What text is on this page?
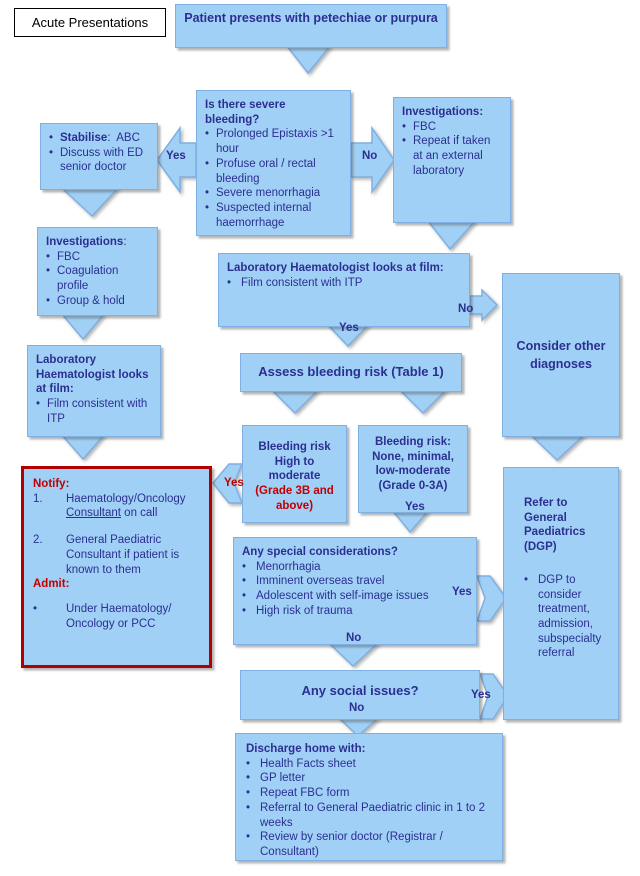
Acute Presentations	Patient presents with petechiae or purpura
Is there severe bleeding?
• Prolonged Epistaxis >1 hour
• Profuse oral / rectal bleeding
• Severe menorrhagia
• Suspected internal haemorrhage
• Stabilise:  ABC
• Discuss with ED senior doctor
Investigations:
• FBC
• Repeat if taken at an external laboratory
Investigations:
• FBC
• Coagulation profile
• Group & hold
Laboratory Haematologist looks at film:
• Film consistent with ITP
Notify:
1.	Haematology/Oncology Consultant on call
2.	General Paediatric Consultant if patient is known to them
Admit:
•	Under Haematology/ Oncology or PCC
Laboratory Haematologist looks at film:
• Film consistent with ITP
Assess bleeding risk (Table 1)
Consider other diagnoses
Bleeding risk
High to moderate
(Grade 3B and above)
Bleeding risk:
None, minimal, low-moderate
(Grade 0-3A)
Any special considerations?
• Menorrhagia
• Imminent overseas travel
• Adolescent with self-image issues
• High risk of trauma
Refer to General Paediatrics (DGP)
• DGP to consider treatment, admission, subspecialty referral
Any social issues?
Discharge home with:
• Health Facts sheet
• GP letter
• Repeat FBC form
• Referral to General Paediatric clinic in 1 to 2 weeks
• Review by senior doctor (Registrar / Consultant)
Yes	No
Yes
No
Yes
Yes
Yes
No
Yes
No
